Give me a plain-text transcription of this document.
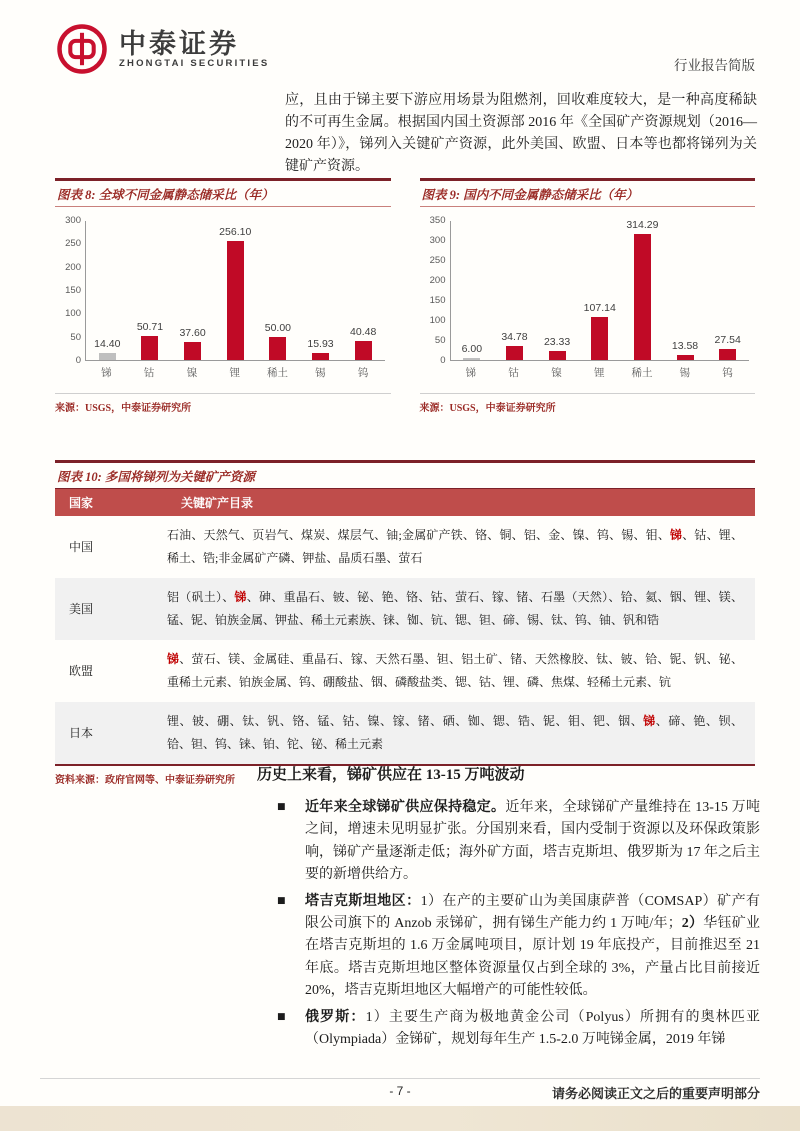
中泰证券
ZHONGTAI SECURITIES	行业报告简版
应，且由于锑主要下游应用场景为阻燃剂，回收难度较大，是一种高度稀缺的不可再生金属。根据国内国土资源部 2016 年《全国矿产资源规划（2016—2020 年）》，锑列入关键矿产资源，此外美国、欧盟、日本等也都将锑列为关键矿产资源。
图表 8: 全球不同金属静态储采比（年）
0
50
100
150
200
250
300
14.40
50.71
37.60
256.10
50.00
15.93
40.48
锑	钴	镍	锂	稀土	锡	钨
来源：USGS，中泰证券研究所
图表 9: 国内不同金属静态储采比（年）
0
50
100
150
200
250
300
350
6.00
34.78 23.33
107.14
314.29
13.58 27.54
锑	钴	镍	锂	稀土	锡	钨
来源：USGS，中泰证券研究所
图表 10: 多国将锑列为关键矿产资源
国家	关键矿产目录
中国	石油、天然气、页岩气、煤炭、煤层气、铀;金属矿产铁、铬、铜、铝、金、镍、钨、锡、钼、锑、钴、锂、稀土、锆;非金属矿产磷、钾盐、晶质石墨、萤石
美国	铝（矾土）、锑、砷、重晶石、铍、铋、铯、铬、钴、萤石、镓、锗、石墨（天然）、铪、氦、铟、锂、镁、锰、铌、铂族金属、钾盐、稀土元素族、铼、铷、钪、锶、钽、碲、锡、钛、钨、铀、钒和锆
欧盟	锑、萤石、镁、金属硅、重晶石、镓、天然石墨、钽、铝土矿、锗、天然橡胶、钛、铍、铪、铌、钒、铋、重稀土元素、铂族金属、钨、硼酸盐、铟、磷酸盐类、锶、钴、锂、磷、焦煤、轻稀土元素、钪
日本	锂、铍、硼、钛、钒、铬、锰、钴、镍、镓、锗、硒、铷、锶、锆、铌、钼、钯、铟、锑、碲、铯、钡、铪、钽、钨、铼、铂、铊、铋、稀土元素
资料来源：政府官网等、中泰证券研究所	历史上来看，锑矿供应在 13-15 万吨波动
■	近年来全球锑矿供应保持稳定。近年来，全球锑矿产量维持在 13-15 万吨之间，增速未见明显扩张。分国别来看，国内受制于资源以及环保政策影响，锑矿产量逐渐走低；海外矿方面，塔吉克斯坦、俄罗斯为 17 年之后主要的新增供给方。
■	塔吉克斯坦地区：1）在产的主要矿山为美国康萨普（COMSAP）矿产有限公司旗下的 Anzob 汞锑矿，拥有锑生产能力约 1 万吨/年；2）华钰矿业在塔吉克斯坦的 1.6 万金属吨项目，原计划 19 年底投产，目前推迟至 21 年底。塔吉克斯坦地区整体资源量仅占到全球的 3%，产量占比目前接近 20%，塔吉克斯坦地区大幅增产的可能性较低。
■	俄罗斯：1）主要生产商为极地黄金公司（Polyus）所拥有的奥林匹亚（Olympiada）金锑矿，规划每年生产 1.5-2.0 万吨锑金属，2019 年锑
- 7 -	请务必阅读正文之后的重要声明部分
